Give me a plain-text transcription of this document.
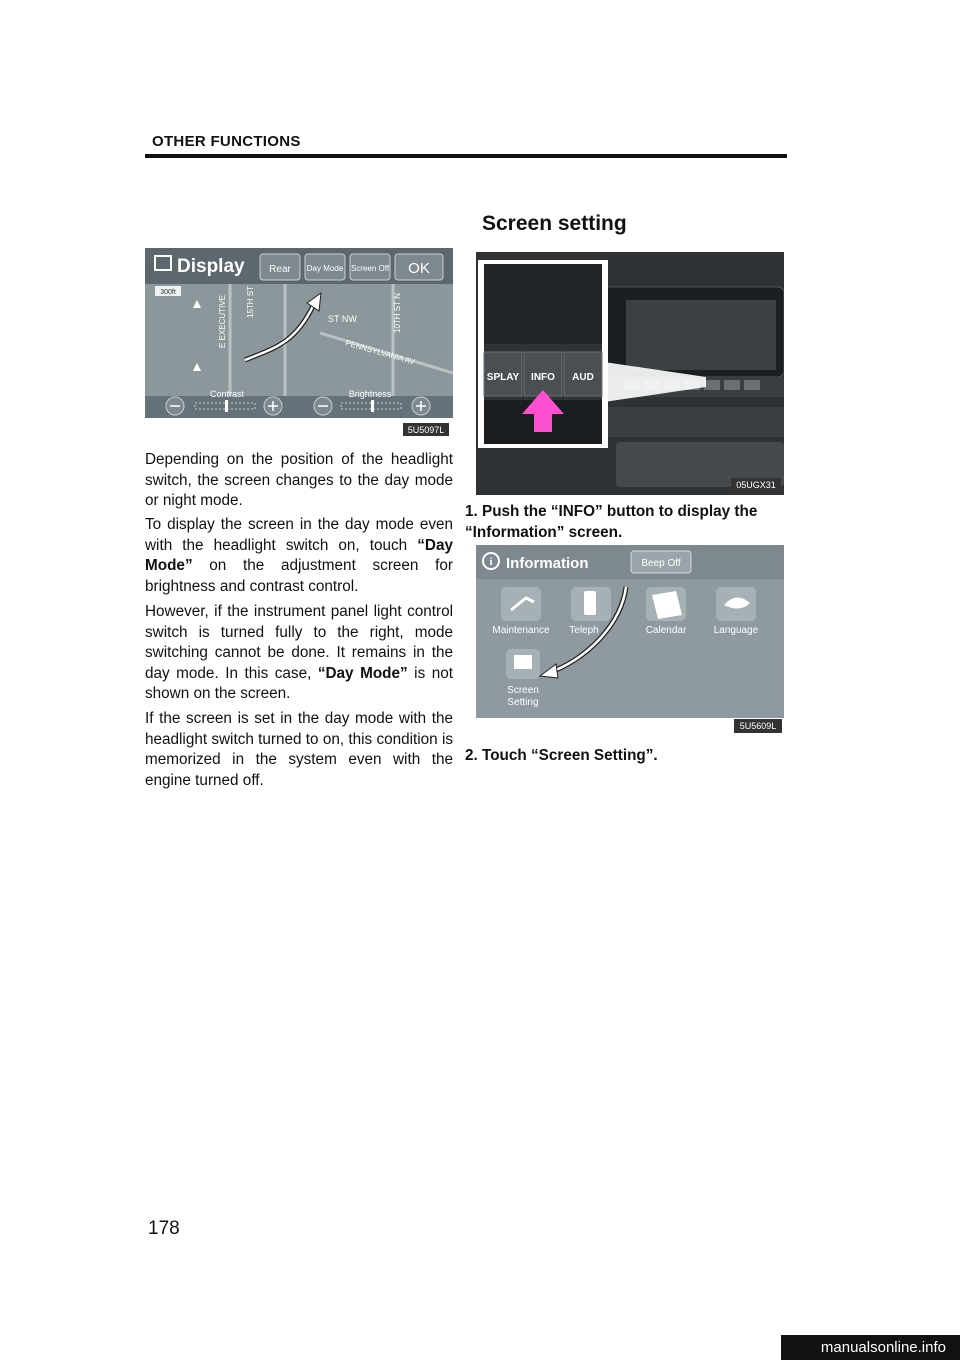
OTHER FUNCTIONS
Screen setting
Display Rear Day Mode Screen Off OK
300ft
E EXECUTIVE 15TH ST
ST NW	10TH ST N
PENNSYLVANIA AV
Contrast	Brightness
5U5097L
SPLAY INFO AUD
05UGX31
i Information	Beep Off
Maintenance Teleph	Calendar	Language
Screen
Setting
5U5609L

Depending on the position of the headlight switch, the screen changes to the day mode or night mode.

To display the screen in the day mode even with the headlight switch on, touch “Day Mode” on the adjustment screen for brightness and contrast control.

However, if the instrument panel light control switch is turned fully to the right, mode switching cannot be done. It remains in the day mode. In this case, “Day Mode” is not shown on the screen.

If the screen is set in the day mode with the headlight switch turned to on, this condition is memorized in the system even with the engine turned off.

1. Push the “INFO” button to display the “Information” screen.

2. Touch “Screen Setting”.

178
manualsonline.info
